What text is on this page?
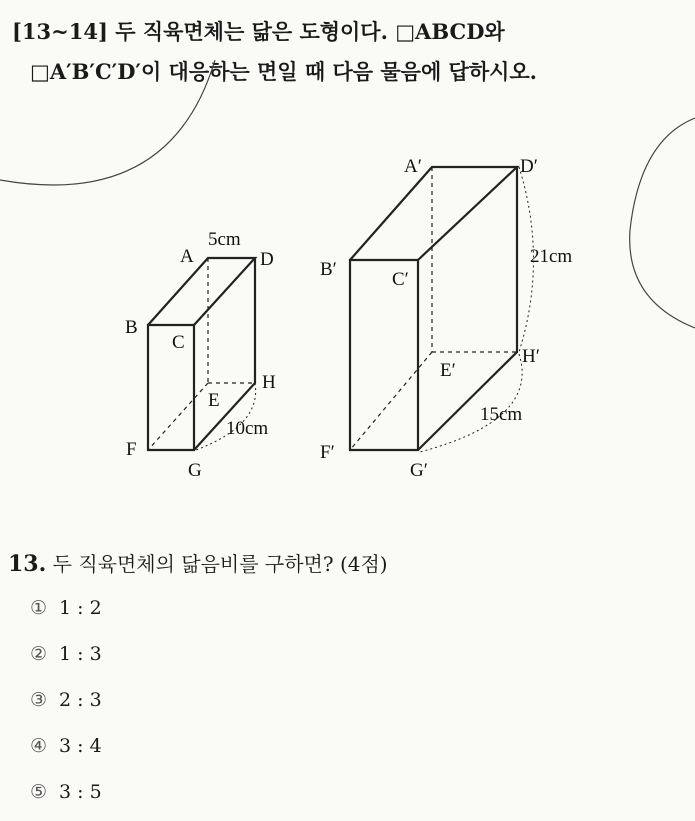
[13~14] 두 직육면체는 닮은 도형이다. □ABCD와
□A′B′C′D′이 대응하는 면일 때 다음 물음에 답하시오.
A	D
B
C
H
E
F
G
5cm
10cm
A′	D′
B′	C′
H′
E′
F′
G′
21cm
15cm
13. 두 직육면체의 닮음비를 구하면? (4점)
① 1 : 2
② 1 : 3
③ 2 : 3
④ 3 : 4
⑤ 3 : 5
